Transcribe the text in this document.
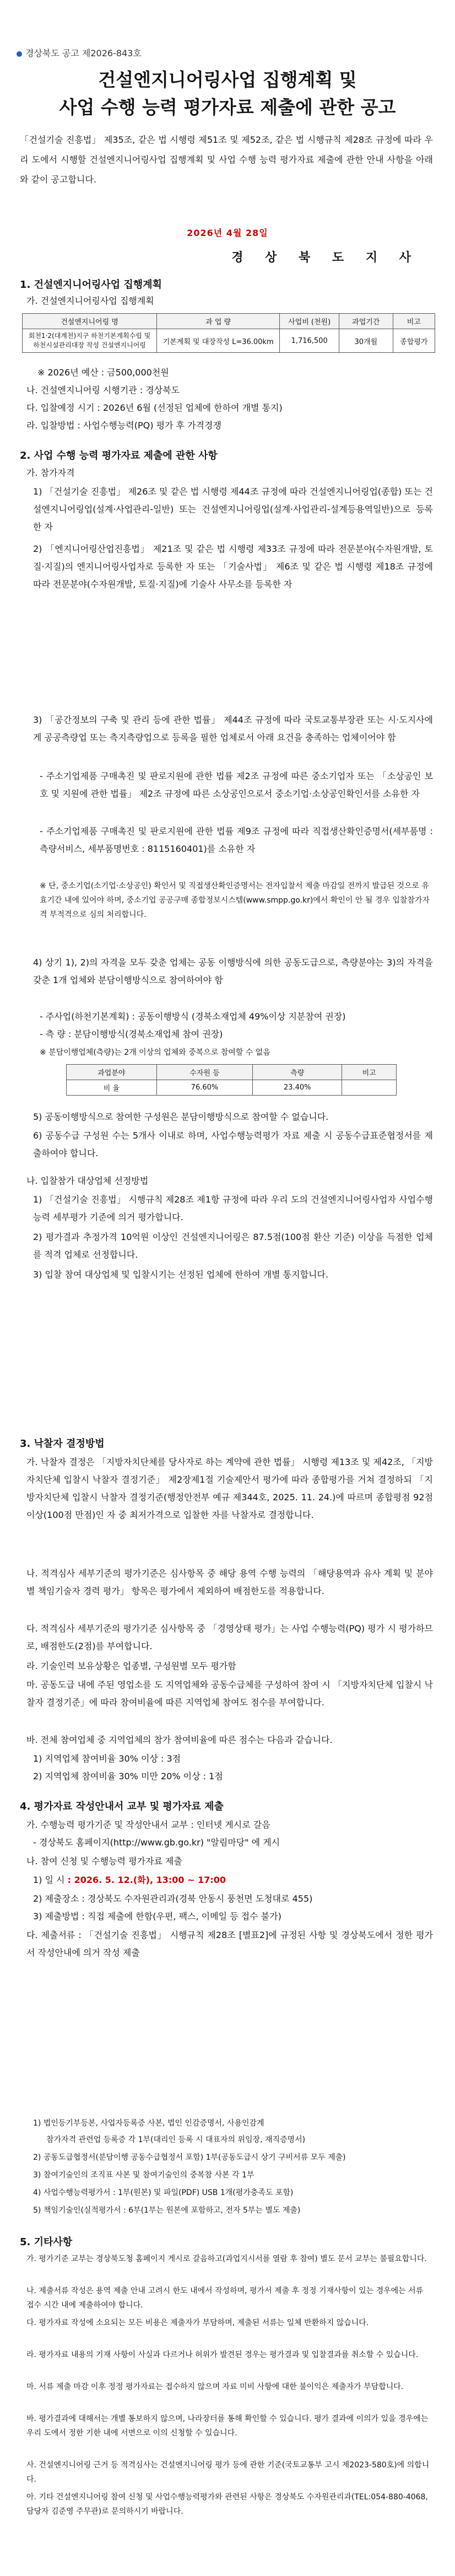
경상북도 공고 제2026-843호
건설엔지니어링사업 집행계획 및
사업 수행 능력 평가자료 제출에 관한 공고
「건설기술 진흥법」 제35조, 같은 법 시행령 제51조 및 제52조, 같은 법 시행규칙 제28조 규정에 따라 우리 도에서 시행할 건설엔지니어링사업 집행계획 및 사업 수행 능력 평가자료 제출에 관한 안내 사항을 아래와 같이 공고합니다.
2026년 4월 28일
경 상 북 도 지 사
1. 건설엔지니어링사업 집행계획
가. 건설엔지니어링사업 집행계획
건설엔지니어링 명	과 업 량	사업비 (천원)	과업기간	비고
회천1·2(대계천)지구 하천기본계획수립 및 하천시설관리대장 작성 건설엔지니어링	기본계획 및 대장작성 L=36.00km	1,716,500	30개월	종합평가
※ 2026년 예산 : 금500,000천원
나. 건설엔지니어링 시행기관 : 경상북도
다. 입찰예정 시기 : 2026년 6월 (선정된 업체에 한하여 개별 통지)
라. 입찰방법 : 사업수행능력(PQ) 평가 후 가격경쟁
2. 사업 수행 능력 평가자료 제출에 관한 사항
가. 참가자격
1) 「건설기술 진흥법」 제26조 및 같은 법 시행령 제44조 규정에 따라 건설엔지니어링업(종합) 또는 건설엔지니어링업(설계·사업관리-일반) 또는 건설엔지니어링업(설계·사업관리-설계등용역일반)으로 등록한 자
2) 「엔지니어링산업진흥법」 제21조 및 같은 법 시행령 제33조 규정에 따라 전문분야(수자원개발, 토질·지질)의 엔지니어링사업자로 등록한 자 또는 「기술사법」 제6조 및 같은 법 시행령 제18조 규정에 따라 전문분야(수자원개발, 토질·지질)에 기술사 사무소를 등록한 자
3) 「공간정보의 구축 및 관리 등에 관한 법률」 제44조 규정에 따라 국토교통부장관 또는 시·도지사에게 공공측량업 또는 측지측량업으로 등록을 필한 업체로서 아래 요건을 충족하는 업체이어야 함
- 주소기업제품 구매촉진 및 판로지원에 관한 법률 제2조 규정에 따른 중소기업자 또는 「소상공인 보호 및 지원에 관한 법률」 제2조 규정에 따른 소상공인으로서 중소기업·소상공인확인서를 소유한 자
- 주소기업제품 구매촉진 및 판로지원에 관한 법률 제9조 규정에 따라 직접생산확인증명서(세부품명 : 측량서비스, 세부품명번호 : 8115160401)를 소유한 자
※ 단, 중소기업(소기업·소상공인) 확인서 및 직접생산확인증명서는 전자입찰서 제출 마감일 전까지 발급된 것으로 유효기간 내에 있어야 하며, 중소기업 공공구매 종합정보시스템(www.smpp.go.kr)에서 확인이 안 될 경우 입찰참가자격 부적격으로 심의 처리합니다.
4) 상기 1), 2)의 자격을 모두 갖춘 업체는 공동 이행방식에 의한 공동도급으로, 측량분야는 3)의 자격을 갖춘 1개 업체와 분담이행방식으로 참여하여야 함
- 주사업(하천기본계획) : 공동이행방식 (경북소재업체 49%이상 지분참여 권장)
- 측 량 : 분담이행방식(경북소재업체 참여 권장)
※ 분담이행업체(측량)는 2개 이상의 업체와 중복으로 참여할 수 없음
과업분야	수자원 등	측량	비고
비 율	76.60%	23.40%	
5) 공동이행방식으로 참여한 구성원은 분담이행방식으로 참여할 수 없습니다.
6) 공동수급 구성원 수는 5개사 이내로 하며, 사업수행능력평가 자료 제출 시 공동수급표준협정서를 제출하여야 합니다.
나. 입찰참가 대상업체 선정방법
1) 「건설기술 진흥법」 시행규칙 제28조 제1항 규정에 따라 우리 도의 건설엔지니어링사업자 사업수행능력 세부평가 기준에 의거 평가합니다.
2) 평가결과 추정가격 10억원 이상인 건설엔지니어링은 87.5점(100점 환산 기준) 이상을 득점한 업체를 적격 업체로 선정합니다.
3) 입찰 참여 대상업체 및 입찰시기는 선정된 업체에 한하여 개별 통지합니다.
3. 낙찰자 결정방법
가. 낙찰자 결정은 「지방자치단체를 당사자로 하는 계약에 관한 법률」 시행령 제13조 및 제42조, 「지방자치단체 입찰시 낙찰자 결정기준」 제2장제1절 기술제안서 평가에 따라 종합평가를 거쳐 결정하되 「지방자치단체 입찰시 낙찰자 결정기준(행정안전부 예규 제344호, 2025. 11. 24.)에 따르며 종합평점 92점 이상(100점 만점)인 자 중 최저가격으로 입찰한 자를 낙찰자로 결정합니다.
나. 적격심사 세부기준의 평가기준은 심사항목 중 해당 용역 수행 능력의 「해당용역과 유사 계획 및 분야별 책임기술자 경력 평가」 항목은 평가에서 제외하여 배점한도를 적용합니다.
다. 적격심사 세부기준의 평가기준 심사항목 중 「경영상태 평가」는 사업 수행능력(PQ) 평가 시 평가하므로, 배점한도(2점)를 부여합니다.
라. 기술인력 보유상황은 업종별, 구성원별 모두 평가함
마. 공동도급 내에 주된 영업소를 도 지역업체와 공동수급체를 구성하여 참여 시 「지방자치단체 입찰시 낙찰자 결정기준」에 따라 참여비율에 따른 지역업체 참여도 점수를 부여합니다.
바. 전체 참여업체 중 지역업체의 참가 참여비율에 따른 점수는 다음과 같습니다.
1) 지역업체 참여비율 30% 이상 : 3점
2) 지역업체 참여비율 30% 미만 20% 이상 : 1점
4. 평가자료 작성안내서 교부 및 평가자료 제출
가. 수행능력 평가기준 및 작성안내서 교부 : 인터넷 게시로 갈음
- 경상북도 홈페이지(http://www.gb.go.kr) "알림마당" 에 게시
나. 참여 신청 및 수행능력 평가자료 제출
1) 일 시 : 2026. 5. 12.(화), 13:00 ~ 17:00
2) 제출장소 : 경상북도 수자원관리과(경북 안동시 풍천면 도청대로 455)
3) 제출방법 : 직접 제출에 한함(우편, 팩스, 이메일 등 접수 불가)
다. 제출서류 : 「건설기술 진흥법」 시행규칙 제28조 [별표2]에 규정된 사항 및 경상북도에서 정한 평가서 작성안내에 의거 작성 제출
1) 법인등기부등본, 사업자등록증 사본, 법인 인감증명서, 사용인감계
참가자격 관련업 등록증 각 1부(대리인 등록 시 대표자의 위임장, 재직증명서)
2) 공동도급협정서(분담이행 공동수급협정서 포함) 1부(공동도급시 상기 구비서류 모두 제출)
3) 참여기술인의 조직표 사본 및 참여기술인의 중복참 사본 각 1부
4) 사업수행능력평가서 : 1부(원본) 및 파일(PDF) USB 1개(평가충족도 포함)
5) 책임기술인(실적평가서 : 6부(1부는 원본에 포함하고, 전자 5부는 별도 제출)
5. 기타사항
가. 평가기준 교부는 경상북도청 홈페이지 게시로 갈음하고(과업지시서를 열람 후 참여) 별도 문서 교부는 불필요합니다.
나. 제출서류 작성은 용역 제출 안내 고려시 한도 내에서 작성하며, 평가서 제출 후 정정 기재사항이 있는 경우에는 서류 접수 시간 내에 제출하여야 합니다.
다. 평가자료 작성에 소요되는 모든 비용은 제출자가 부담하며, 제출된 서류는 일체 반환하지 않습니다.
라. 평가자료 내용의 기재 사항이 사실과 다르거나 허위가 발견된 경우는 평가결과 및 입찰결과를 취소할 수 있습니다.
마. 서류 제출 마감 이후 정정 평가자료는 접수하지 않으며 자료 미비 사항에 대한 불이익은 제출자가 부담합니다.
바. 평가결과에 대해서는 개별 통보하지 않으며, 나라장터를 통해 확인할 수 있습니다. 평가 결과에 이의가 있을 경우에는 우리 도에서 정한 기한 내에 서면으로 이의 신청할 수 있습니다.
사. 건설엔지니어링 근거 등 적격심사는 건설엔지니어링 평가 등에 관한 기준(국토교통부 고시 제2023-580호)에 의합니다.
아. 기타 건설엔지니어링 참여 신청 및 사업수행능력평가와 관련된 사항은 경상북도 수자원관리과(TEL:054-880-4068, 담당자 김준영 주무관)로 문의하시기 바랍니다.
